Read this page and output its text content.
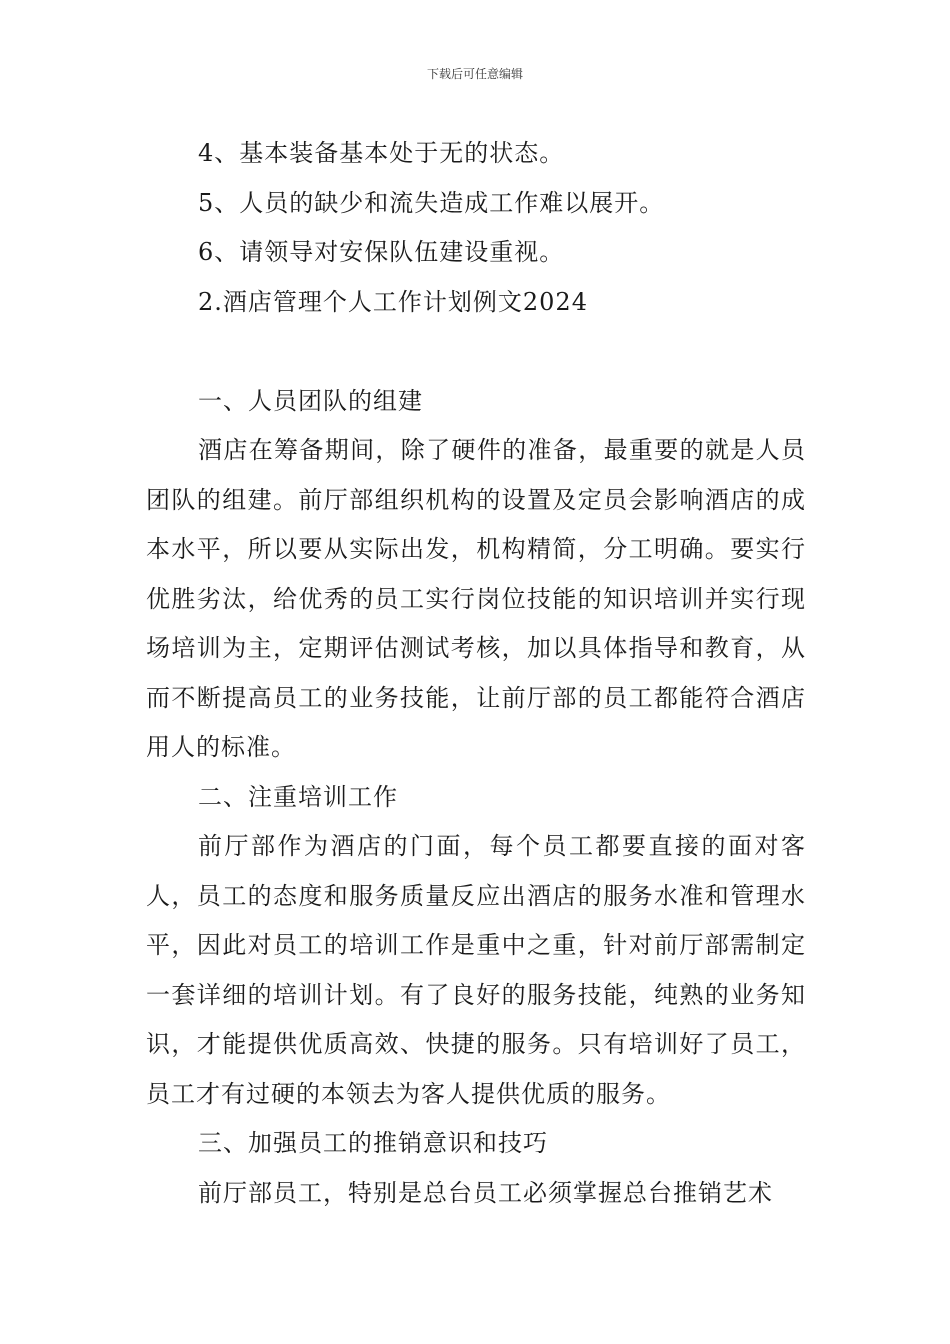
下载后可任意编辑
4、基本装备基本处于无的状态。
5、人员的缺少和流失造成工作难以展开。
6、请领导对安保队伍建设重视。
2.酒店管理个人工作计划例文2024
一、人员团队的组建

酒店在筹备期间，除了硬件的准备，最重要的就是人员团队的组建。前厅部组织机构的设置及定员会影响酒店的成本水平，所以要从实际出发，机构精简，分工明确。要实行优胜劣汰，给优秀的员工实行岗位技能的知识培训并实行现场培训为主，定期评估测试考核，加以具体指导和教育，从而不断提高员工的业务技能，让前厅部的员工都能符合酒店用人的标准。

二、注重培训工作

前厅部作为酒店的门面，每个员工都要直接的面对客人，员工的态度和服务质量反应出酒店的服务水准和管理水平，因此对员工的培训工作是重中之重，针对前厅部需制定一套详细的培训计划。有了良好的服务技能，纯熟的业务知识，才能提供优质高效、快捷的服务。只有培训好了员工，员工才有过硬的本领去为客人提供优质的服务。

三、加强员工的推销意识和技巧

前厅部员工，特别是总台员工必须掌握总台推销艺术
